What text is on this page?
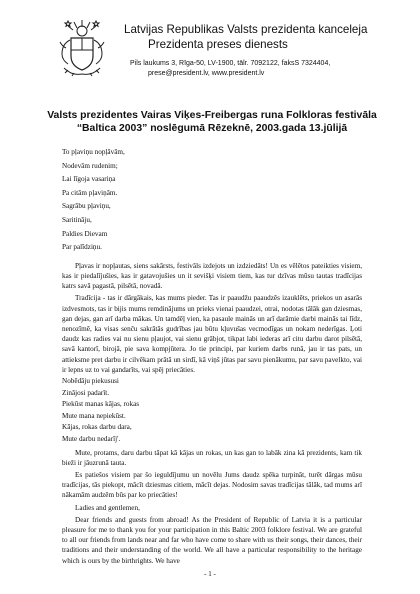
Latvijas Republikas Valsts prezidenta kanceleja
Prezidenta preses dienests
Pils laukums 3, Rīga-50, LV-1900, tālr. 7092122, faksS 7324404,
prese@president.lv, www.president.lv
Valsts prezidentes Vairas Viķes-Freibergas runa Folkloras festivāla
“Baltica 2003” noslēgumā Rēzeknē, 2003.gada 13.jūlijā
To pļaviņu nopļāvām,
Nodevām rudenim;
Lai līgoja vasariņa
Pa citām pļaviņām.
Sagrābu pļaviņu,
Saritināju,
Paldies Dievam
Par palīdziņu.

Pļavas ir nopļautas, siens sakārsts, festivāls izdejots un izdziedāts! Un es vēlētos pateikties visiem, kas ir piedalījušies, kas ir gatavojušies un it sevišķi visiem tiem, kas tur dzīvas mūsu tautas tradīcijas katrs savā pagastā, pilsētā, novadā.

Tradīcija - tas ir dārgākais, kas mums pieder. Tas ir paaudžu paaudzēs izauklēts, priekos un asarās izdvesmots, tas ir bijis mums remdinājums un prieks vienai paaudzei, otrai, nodotas tālāk gan dziesmas, gan dejas, gan arī darba mākas. Un tamdēļ vien, ka pasaule mainās un arī darāmie darbi mainās tai līdz, nenozīmē, ka visas senču sakrātās gudrības jau būtu kļuvušas vecmodīgas un nokam nederīgas. Ļoti daudz kas radies vai nu sienu pļaujot, vai sienu grābjot, tikpat labi iederas arī citu darbu darot pilsētā, savā kantorī, birojā, pie sava kompjūtera. Jo tie principi, par kuriem darbs runā, jau ir tas pats, un attieksme pret darbu ir cilvēkam prātā un sirdī, kā viņš jūtas par savu pienākumu, par savu pavelkto, vai ir lepns uz to vai gandarīts, vai spēj priecāties.

Nobēdāju piekususi
Zinājosi padarīt.
Piekūst manas kājas, rokas
Mute mana nepiekūst.
Kājas, rokas darbu dara,
Mute darbu nedarīj'.

Mute, protams, daru darbu tāpat kā kājas un rokas, un kas gan to labāk zina kā prezidents, kam tik bieži ir jāuzrunā tauta.

Es patiešos visiem par šo ieguldījumu un novēlu Jums daudz spēka turpināt, turēt dārgas mūsu tradīcijas, tās piekopt, mācīt dziesmas citiem, mācīt dejas. Nodosim savas tradīcijas tālāk, tad mums arī nākamām audzēm būs par ko priecāties!

Ladies and gentlemen,

Dear friends and guests from abroad! As the President of Republic of Latvia it is a particular pleasure for me to thank you for your participation in this Baltic 2003 folklore festival. We are grateful to all our friends from lands near and far who have come to share with us their songs, their dances, their traditions and their understanding of the world. We all have a particular responsibility to the heritage which is ours by the birthrights. We have

- 1 -
